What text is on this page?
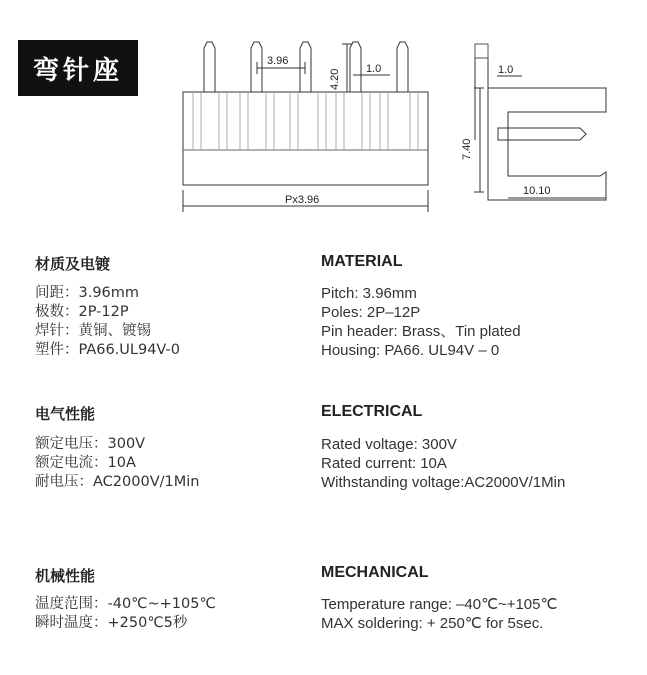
弯针座	3.96
4.20 1.0
Px3.96
1.0
7.40
10.10
材质及电镀
间距：3.96mm
极数：2P-12P
焊针：黄铜、镀锡
塑件：PA66.UL94V-0
MATERIAL
Pitch: 3.96mm
Poles: 2P–12P
Pin header: Brass、Tin plated
Housing: PA66. UL94V – 0
电气性能
额定电压：300V
额定电流：10A
耐电压：AC2000V/1Min
ELECTRICAL
Rated voltage: 300V
Rated current: 10A
Withstanding voltage:AC2000V/1Min
机械性能
温度范围：-40℃~+105℃
瞬时温度：+250℃5秒
MECHANICAL
Temperature range: –40℃~+105℃
MAX soldering: + 250℃ for 5sec.
